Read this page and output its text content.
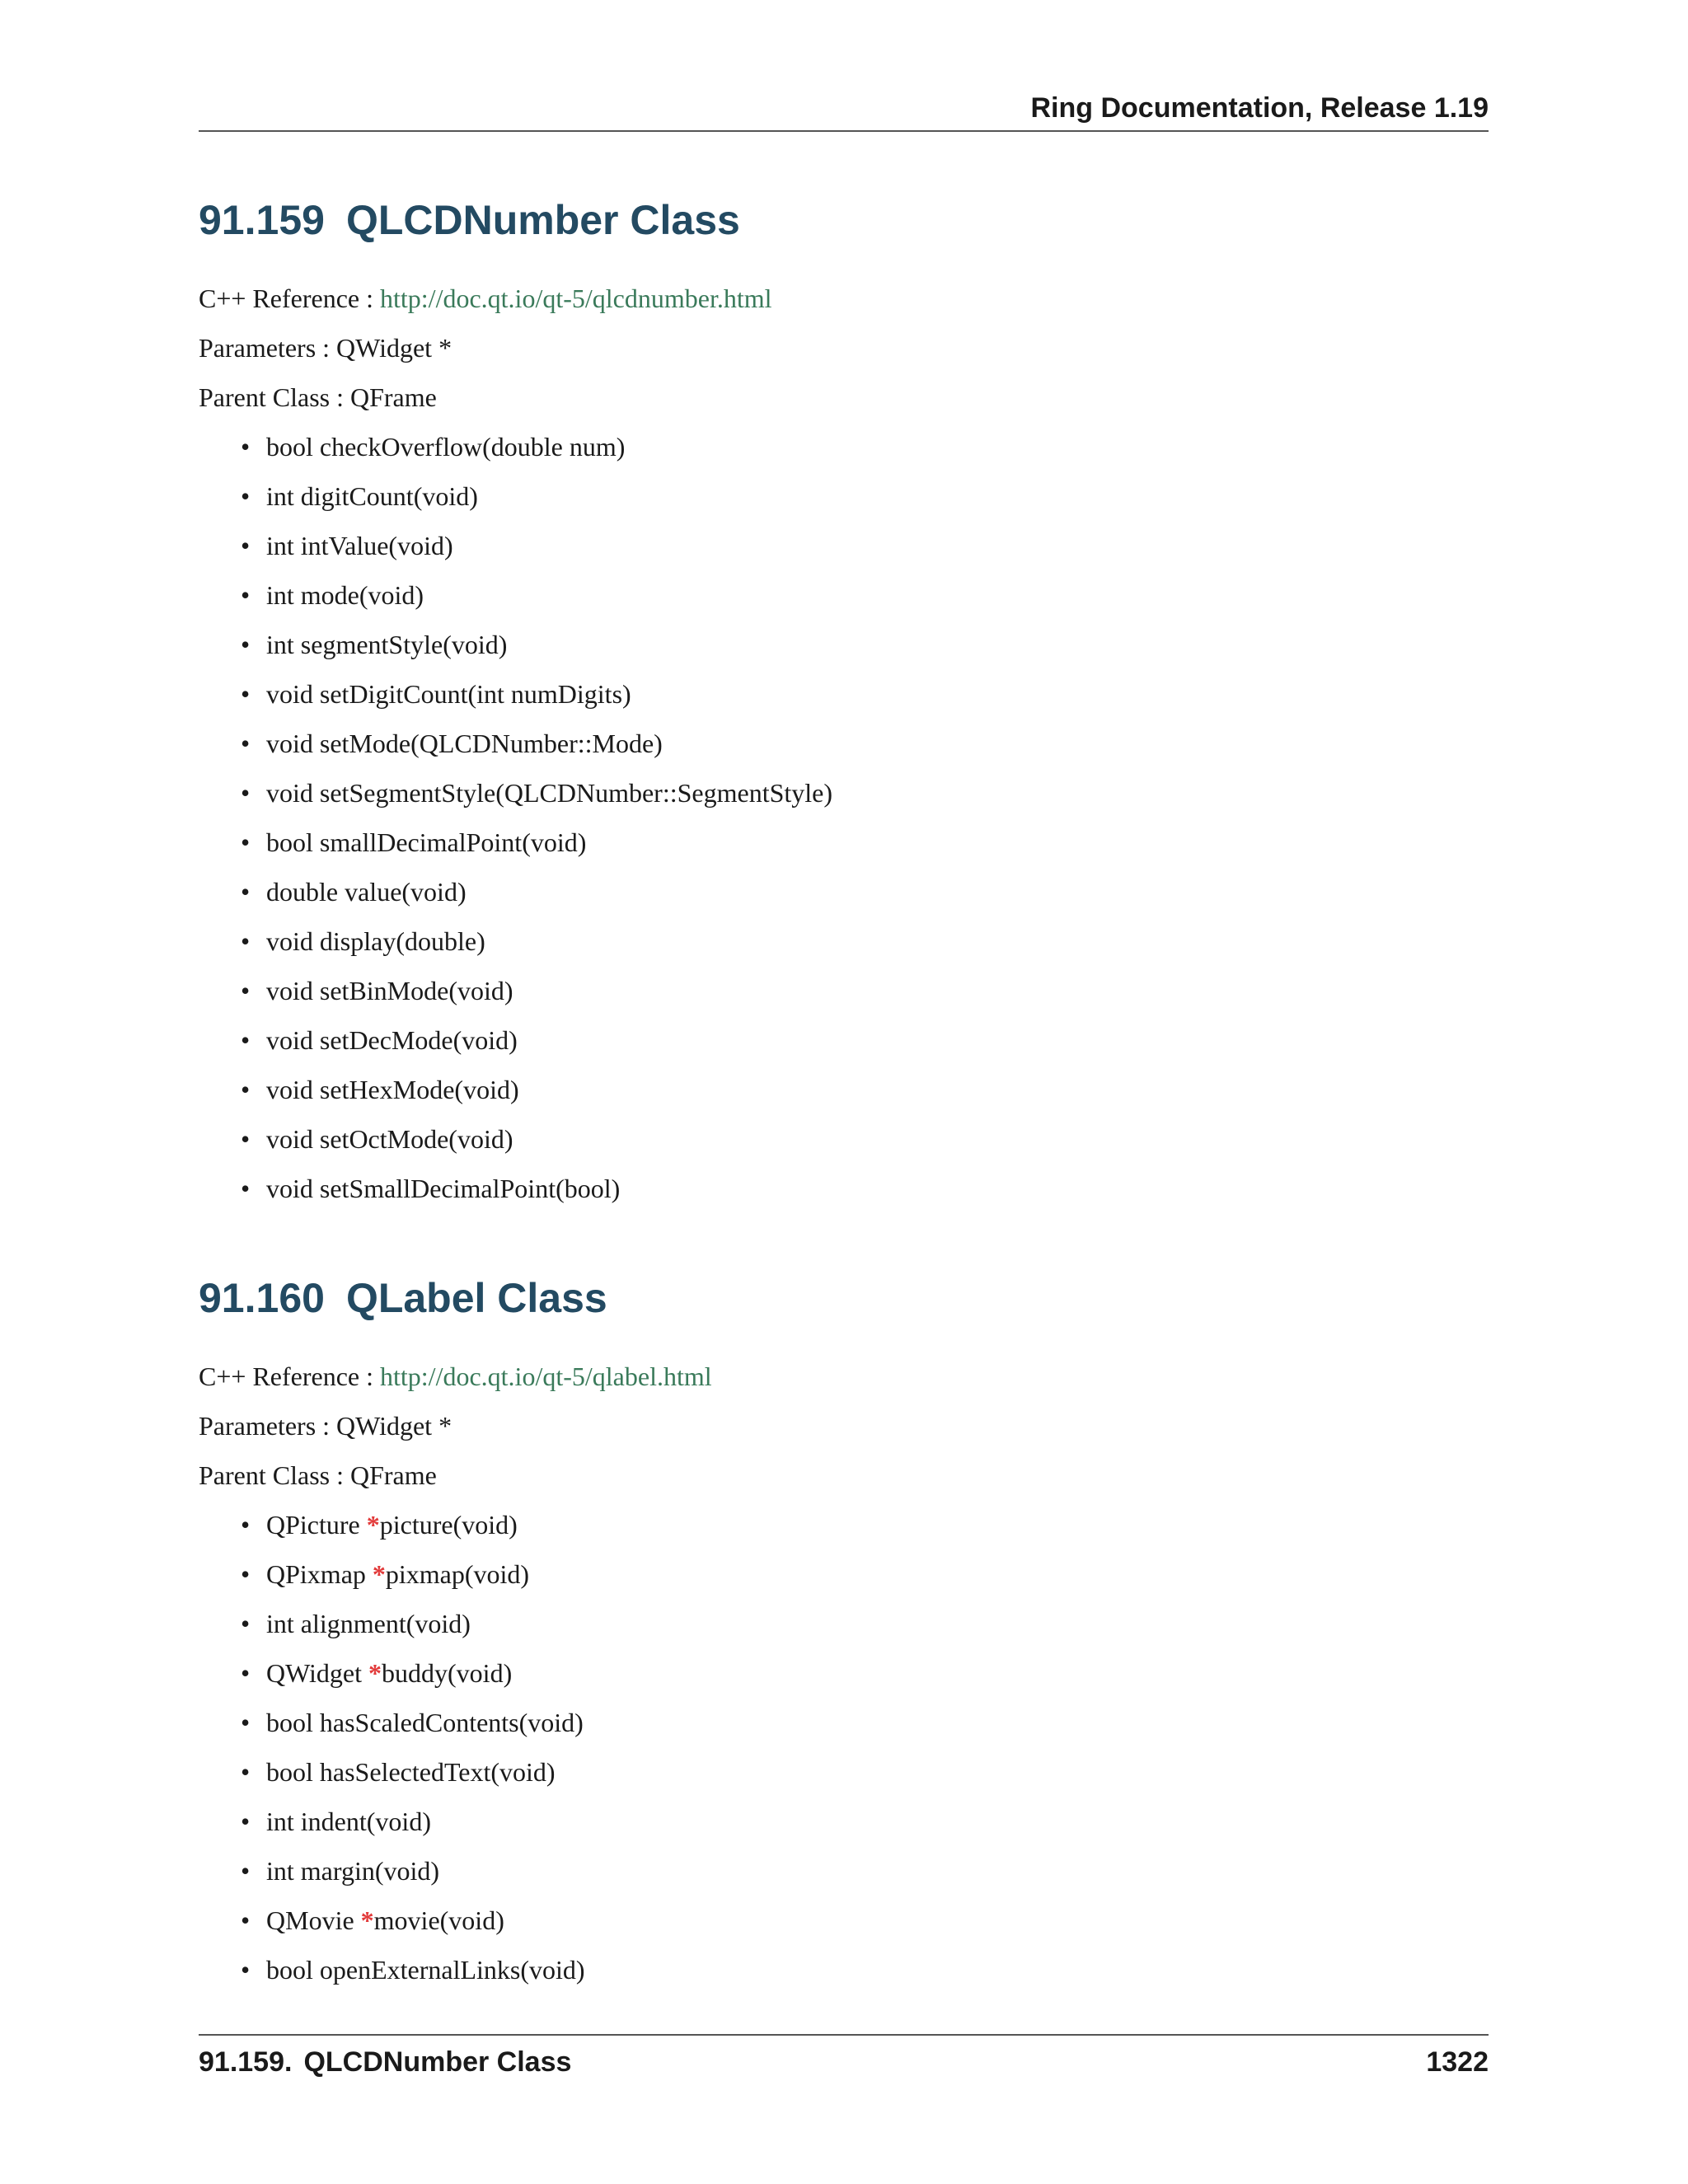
Ring Documentation, Release 1.19
91.159 QLCDNumber Class

C++ Reference : http://doc.qt.io/qt-5/qlcdnumber.html

Parameters : QWidget *

Parent Class : QFrame

• bool checkOverflow(double num)
• int digitCount(void)
• int intValue(void)
• int mode(void)
• int segmentStyle(void)
• void setDigitCount(int numDigits)
• void setMode(QLCDNumber::Mode)
• void setSegmentStyle(QLCDNumber::SegmentStyle)
• bool smallDecimalPoint(void)
• double value(void)
• void display(double)
• void setBinMode(void)
• void setDecMode(void)
• void setHexMode(void)
• void setOctMode(void)
• void setSmallDecimalPoint(bool)
91.160 QLabel Class

C++ Reference : http://doc.qt.io/qt-5/qlabel.html

Parameters : QWidget *

Parent Class : QFrame

• QPicture *picture(void)
• QPixmap *pixmap(void)
• int alignment(void)
• QWidget *buddy(void)
• bool hasScaledContents(void)
• bool hasSelectedText(void)
• int indent(void)
• int margin(void)
• QMovie *movie(void)
• bool openExternalLinks(void)
91.159. QLCDNumber Class	1322
